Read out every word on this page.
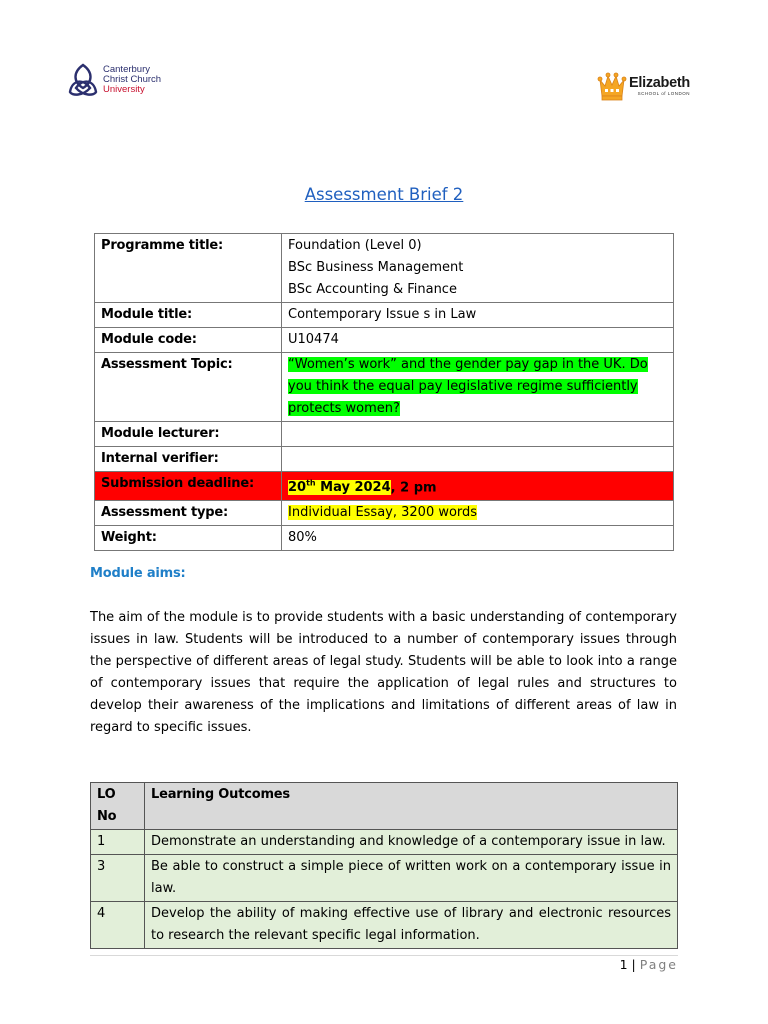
Canterbury
Christ Church
University	Elizabeth
SCHOOL of LONDON
Assessment Brief 2
Programme title:	Foundation (Level 0)
BSc Business Management
BSc Accounting & Finance

Module title:	Contemporary Issue s in Law
Module code:	U10474
Assessment Topic:	“Women’s work” and the gender pay gap in the UK. Do you think the equal pay legislative regime sufficiently protects women?
Module lecturer:	
Internal verifier:	
Submission deadline:	20th May 2024, 2 pm
Assessment type:	Individual Essay, 3200 words
Weight:	80%
Module aims:
The aim of the module is to provide students with a basic understanding of contemporary issues in law. Students will be introduced to a number of contemporary issues through the perspective of different areas of legal study. Students will be able to look into a range of contemporary issues that require the application of legal rules and structures to develop their awareness of the implications and limitations of different areas of law in regard to specific issues.
LO No	Learning Outcomes
1	Demonstrate an understanding and knowledge of a contemporary issue in law.
3	Be able to construct a simple piece of written work on a contemporary issue in law.
4	Develop the ability of making effective use of library and electronic resources to research the relevant specific legal information.
1 | Page
